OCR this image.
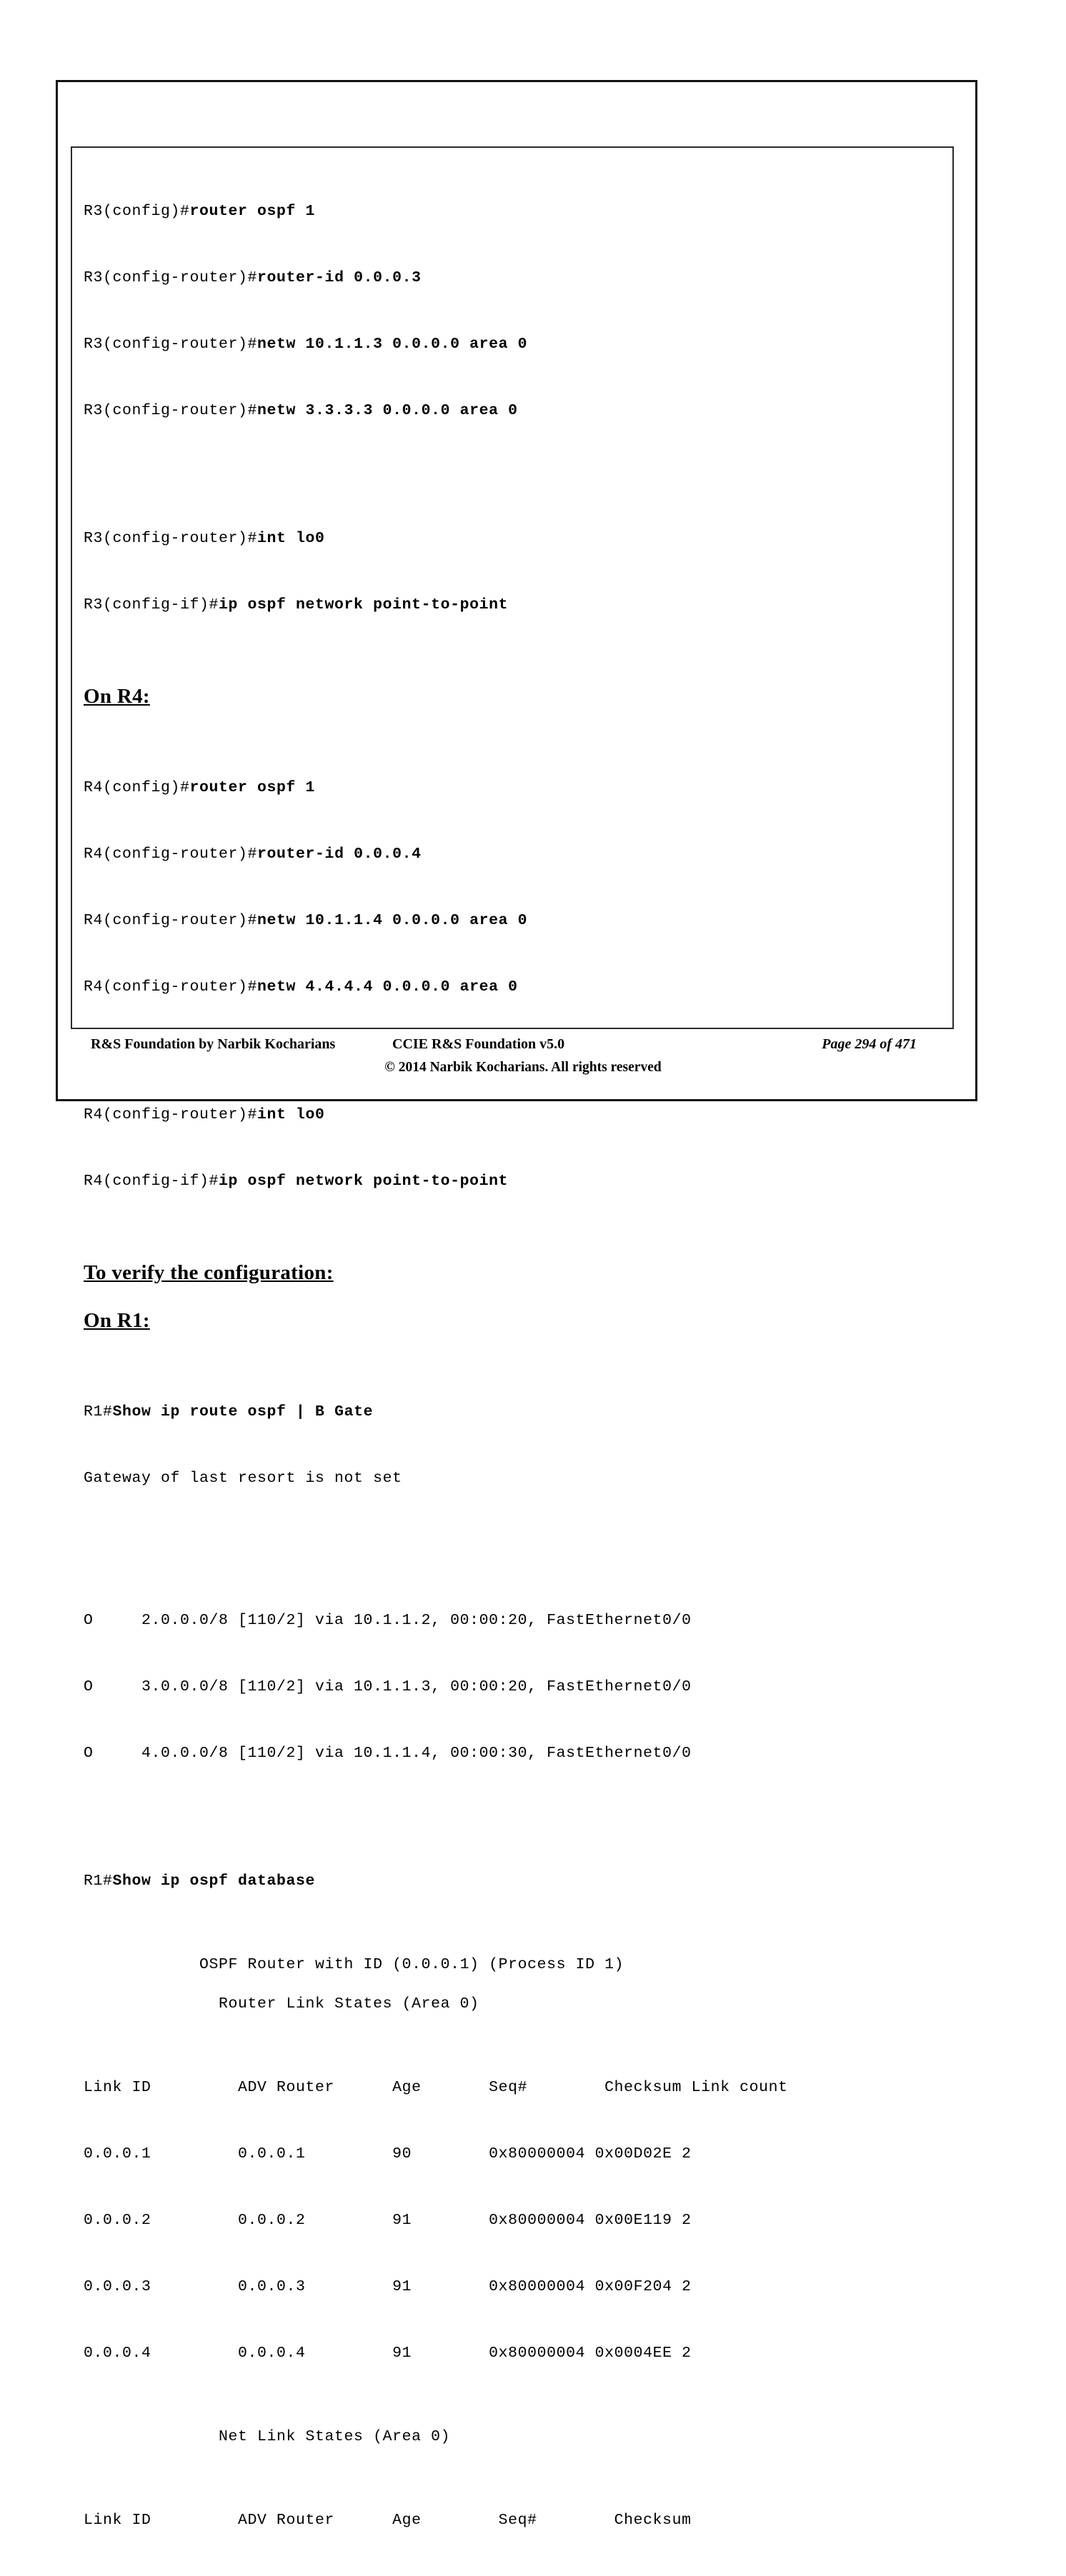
R3(config)#router ospf 1

R3(config-router)#router-id 0.0.0.3

R3(config-router)#netw 10.1.1.3 0.0.0.0 area 0

R3(config-router)#netw 3.3.3.3 0.0.0.0 area 0

R3(config-router)#int lo0

R3(config-if)#ip ospf network point-to-point

On R4:

R4(config)#router ospf 1

R4(config-router)#router-id 0.0.0.4

R4(config-router)#netw 10.1.1.4 0.0.0.0 area 0

R4(config-router)#netw 4.4.4.4 0.0.0.0 area 0

R4(config-router)#int lo0

R4(config-if)#ip ospf network point-to-point

To verify the configuration:
On R1:

R1#Show ip route ospf | B Gate

Gateway of last resort is not set

O     2.0.0.0/8 [110/2] via 10.1.1.2, 00:00:20, FastEthernet0/0

O     3.0.0.0/8 [110/2] via 10.1.1.3, 00:00:20, FastEthernet0/0

O     4.0.0.0/8 [110/2] via 10.1.1.4, 00:00:30, FastEthernet0/0

R1#Show ip ospf database

OSPF Router with ID (0.0.0.1) (Process ID 1)
Router Link States (Area 0)

Link ID         ADV Router      Age       Seq#        Checksum Link count

0.0.0.1         0.0.0.1         90        0x80000004 0x00D02E 2

0.0.0.2         0.0.0.2         91        0x80000004 0x00E119 2

0.0.0.3         0.0.0.3         91        0x80000004 0x00F204 2

0.0.0.4         0.0.0.4         91        0x80000004 0x0004EE 2

Net Link States (Area 0)

Link ID         ADV Router      Age        Seq#        Checksum

R&S Foundation by Narbik Kocharians	CCIE R&S Foundation v5.0	Page 294 of 471
© 2014 Narbik Kocharians. All rights reserved
